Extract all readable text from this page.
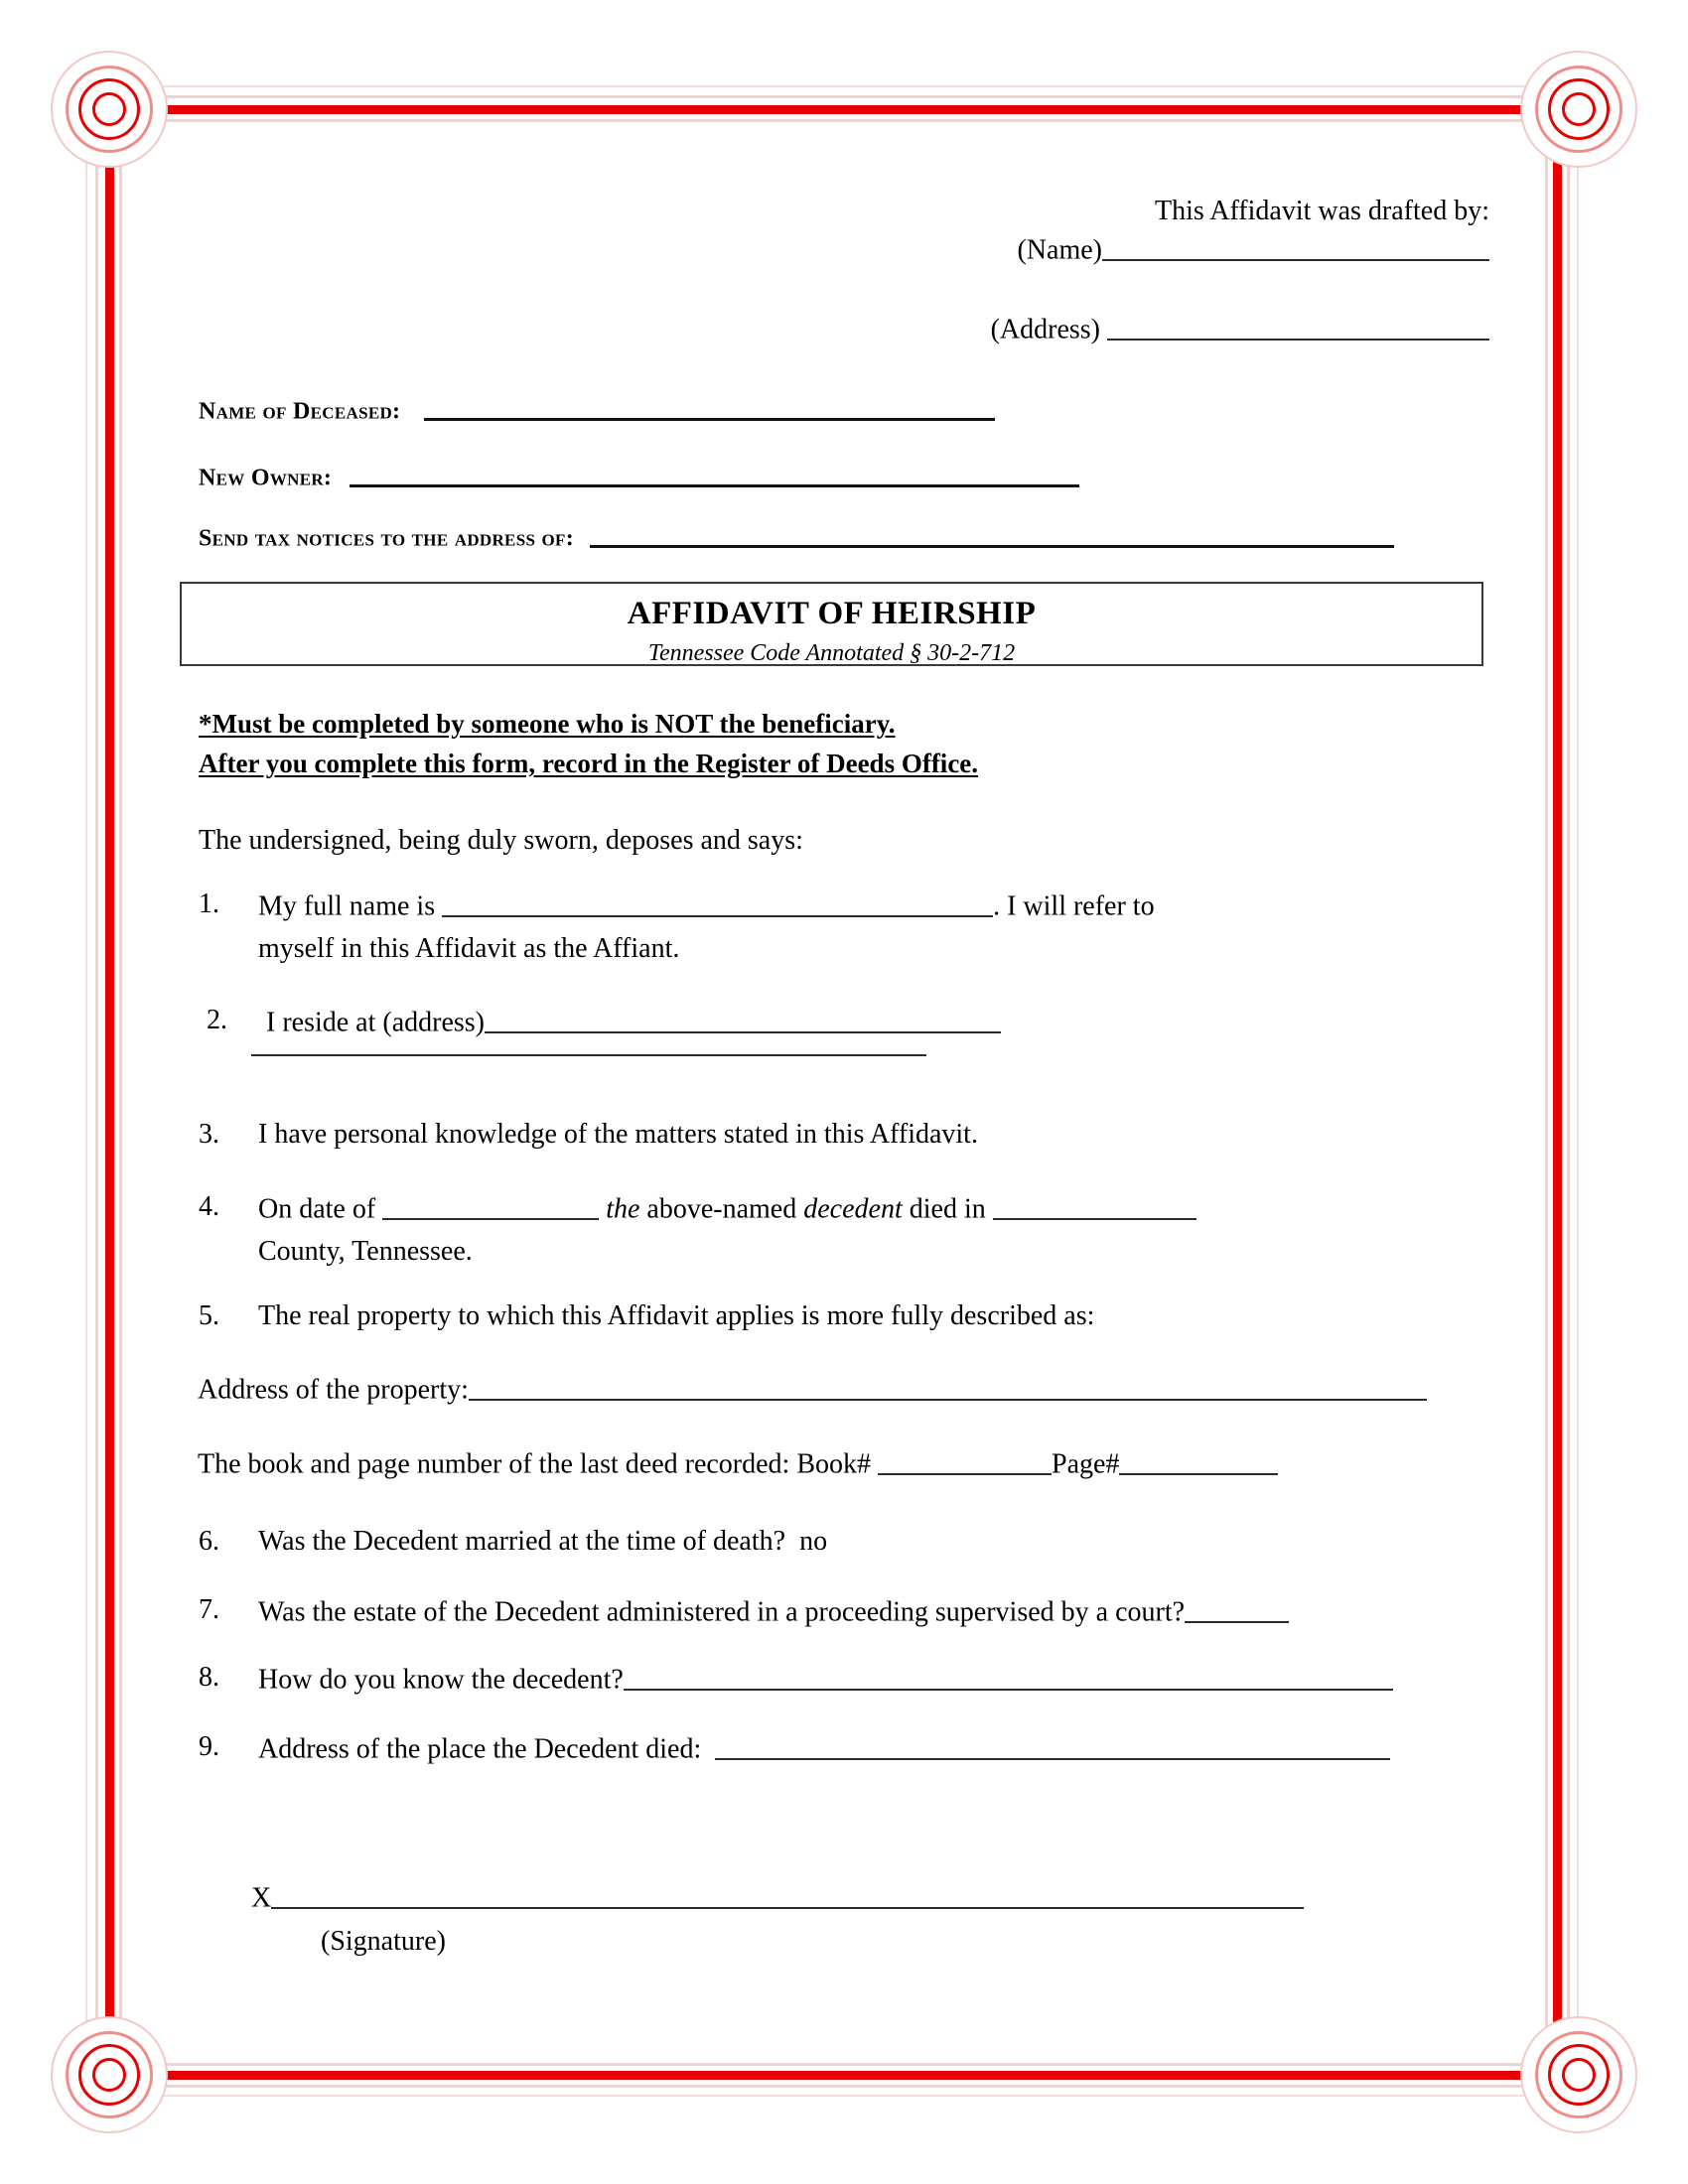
This Affidavit was drafted by:
(Name)
(Address)
Name of Deceased:
New Owner:
Send tax notices to the address of:
AFFIDAVIT OF HEIRSHIP
Tennessee Code Annotated § 30-2-712
*Must be completed by someone who is NOT the beneficiary.
After you complete this form, record in the Register of Deeds Office.
The undersigned, being duly sworn, deposes and says:
1.	My full name is	. I will refer to
myself in this Affidavit as the Affiant.
2.	I reside at (address)
3.	I have personal knowledge of the matters stated in this Affidavit.
4.	On date of	the above-named decedent died in
County, Tennessee.
5.	The real property to which this Affidavit applies is more fully described as:
Address of the property:
The book and page number of the last deed recorded: Book#	Page#
6.	Was the Decedent married at the time of death? no
7.	Was the estate of the Decedent administered in a proceeding supervised by a court?
8.	How do you know the decedent?
9.	Address of the place the Decedent died:
X
(Signature)
